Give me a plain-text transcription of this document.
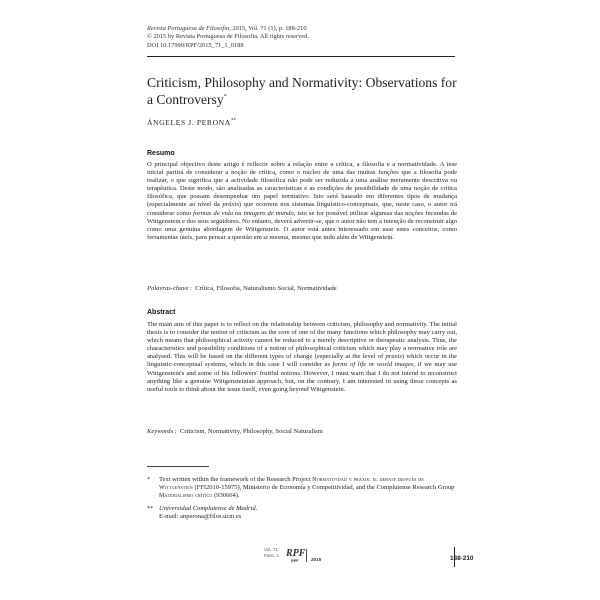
Revista Portuguesa de Filosofia, 2015, Vol. 71 (1), p. 188-210
© 2015 by Revista Portuguesa de Filosofia. All rights reserved.
DOI 10.17990/RPF/2015_71_1_0188
Criticism, Philosophy and Normativity: Observations for a Controversy*
ÁNGELES J. PERONA**
Resumo
O principal objectivo deste artigo é reflectir sobre a relação entre a crítica, a filosofia e a normatividade. A tese inicial partirá de considerar a noção de crítica, como o núcleo de uma das muitas funções que a filosofia pode realizar, o que significa que a actividade filosófica não pode ser reduzida a uma análise meramente descritiva ou terapêutica. Deste modo, são analisadas as características e as condições de possibilidade de uma noção de crítica filosófica, que possam desempenhar um papel normativo. Isto será baseado em diferentes tipos de mudança (especialmente ao nível da práxis) que ocorrem nos sistemas linguístico-conceptuais, que, neste caso, o autor irá considerar como formas de vida ou imagens de mundo, isto se for possível utilizar algumas das noções fecundas de Wittgenstein e dos seus seguidores. No entanto, deverá advertir-se, que o autor não tem a intenção de reconstruir algo como uma genuína abordagem de Wittgenstein. O autor está antes interessado em usar estes conceitos, como ferramentas úteis, para pensar a questão em si mesma, mesmo que indo além de Wittgenstein.
Palavras-chave :  Crítica, Filosofia, Naturalismo Social, Normatividade
Abstract
The main aim of this paper is to reflect on the relationship between criticism, philosophy and normativity. The initial thesis is to consider the notion of criticism as the core of one of the many functions which philosophy may carry out, which means that philosophical activity cannot be reduced to a merely descriptive or therapeutic analysis. Thus, the characteristics and possibility conditions of a notion of philosophical criticism which may play a normative role are analysed. This will be based on the different types of change (especially at the level of praxis) which occur in the linguistic-conceptual systems, which in this case I will consider as forms of life or world images, if we may use Wittgenstein's and some of his followers' fruitful notions. However, I must warn that I do not intend to reconstruct anything like a genuine Wittgensteinian approach, but, on the contrary, I am interested in using these concepts as useful tools to think about the issue itself, even going beyond Wittgenstein.
Keywords :  Criticism, Normativity, Philosophy, Social Naturalism
*	Text written within the framework of the Research Project Normatividad y praxis: el debate después de Wittgenstein (FFI2010-15975), Ministerio de Economía y Competitividad, and the Complutense Research Group Materialismo crítico (930664).
** Universidad Complutense de Madrid.
E-mail: anperona@filos.ucm.es
Vol. 71
Fasc. 1 RPF
RPF	2015	188-210
